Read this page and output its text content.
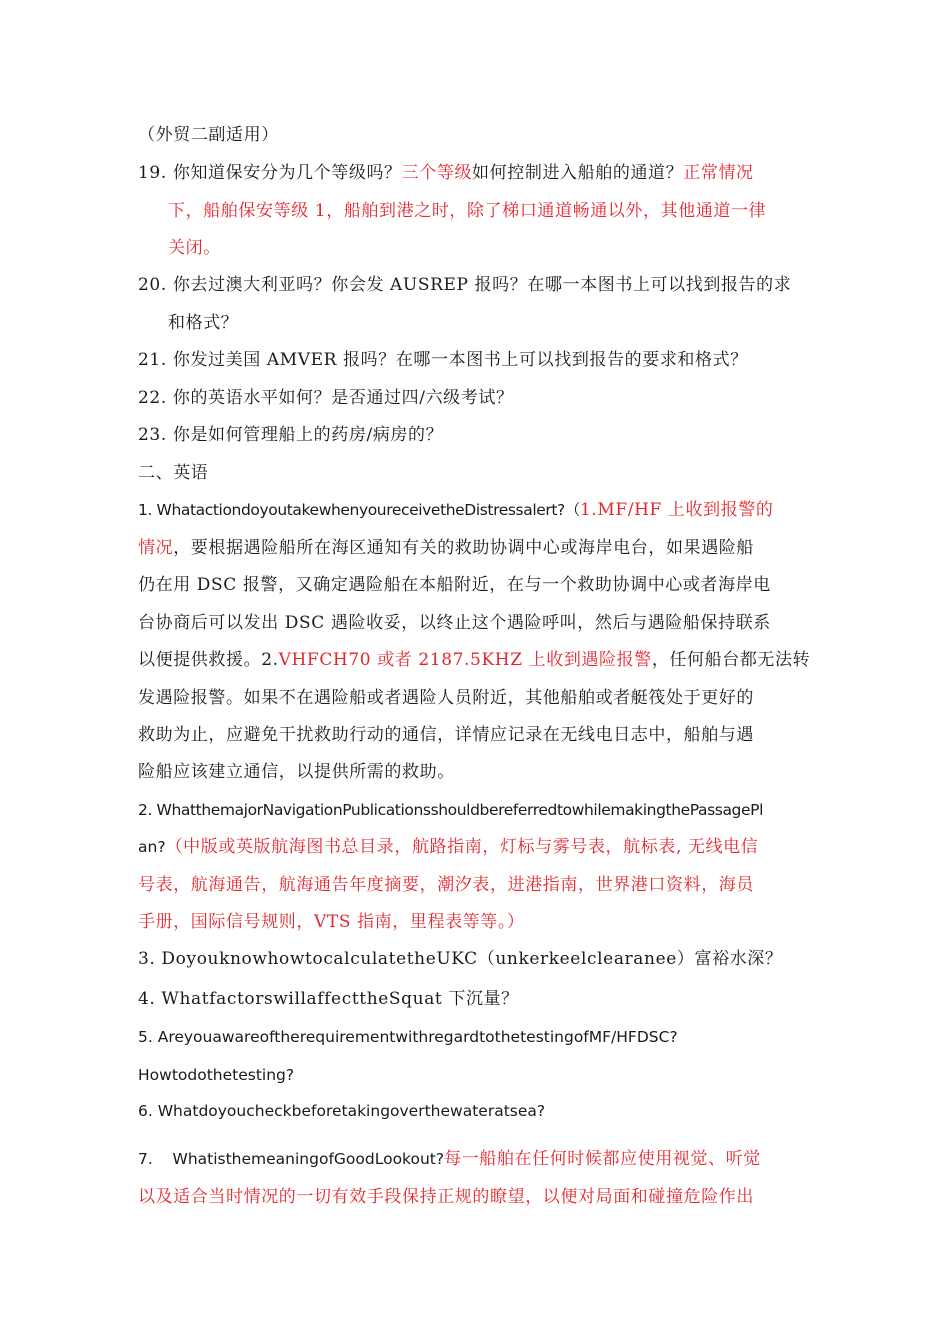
（外贸二副适用）
19. 你知道保安分为几个等级吗？三个等级如何控制进入船舶的通道？正常情况
下，船舶保安等级 1，船舶到港之时，除了梯口通道畅通以外，其他通道一律
关闭。
20. 你去过澳大利亚吗？你会发 AUSREP 报吗？在哪一本图书上可以找到报告的求
和格式？
21. 你发过美国 AMVER 报吗？在哪一本图书上可以找到报告的要求和格式？
22. 你的英语水平如何？是否通过四/六级考试？
23. 你是如何管理船上的药房/病房的？
二、英语
1. WhatactiondoyoutakewhenyoureceivetheDistressalert?（1.MF/HF 上收到报警的
情况，要根据遇险船所在海区通知有关的救助协调中心或海岸电台，如果遇险船
仍在用 DSC 报警，又确定遇险船在本船附近，在与一个救助协调中心或者海岸电
台协商后可以发出 DSC 遇险收妥，以终止这个遇险呼叫，然后与遇险船保持联系
以便提供救援。2.VHFCH70 或者 2187.5KHZ 上收到遇险报警，任何船台都无法转
发遇险报警。如果不在遇险船或者遇险人员附近，其他船舶或者艇筏处于更好的
救助为止，应避免干扰救助行动的通信，详情应记录在无线电日志中，船舶与遇
险船应该建立通信，以提供所需的救助。
2. WhatthemajorNavigationPublicationsshouldbereferredtowhilemakingthePassagePl
an?（中版或英版航海图书总目录，航路指南，灯标与雾号表，航标表, 无线电信
号表，航海通告，航海通告年度摘要，潮汐表，进港指南，世界港口资料，海员
手册，国际信号规则，VTS 指南，里程表等等。）
3. DoyouknowhowtocalculatetheUKC（unkerkeelclearanee）富裕水深？
4. WhatfactorswillaffecttheSquat 下沉量？
5. AreyouawareoftherequirementwithregardtothetestingofMF/HFDSC?
Howtodothetesting?
6. Whatdoyoucheckbeforetakingoverthewateratsea?
7.    WhatisthemeaningofGoodLookout?每一船舶在任何时候都应使用视觉、听觉
以及适合当时情况的一切有效手段保持正规的瞭望，以便对局面和碰撞危险作出
